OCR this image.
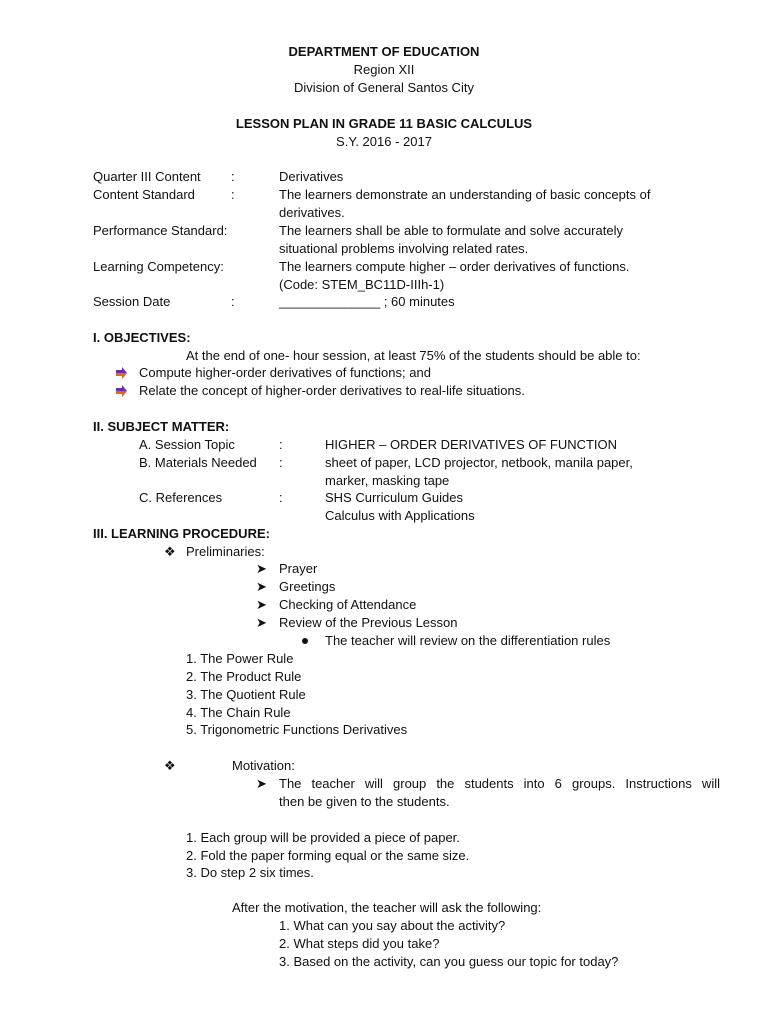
DEPARTMENT OF EDUCATION
Region XII
Division of General Santos City
LESSON PLAN IN GRADE 11 BASIC CALCULUS
S.Y. 2016 - 2017
Quarter III Content :	Derivatives
Content Standard	:	The learners demonstrate an understanding of basic concepts of
derivatives.
Performance Standard:	The learners shall be able to formulate and solve accurately
situational problems involving related rates.
Learning Competency:	The learners compute higher – order derivatives of functions.
(Code: STEM_BC11D-IIIh-1)
Session Date	:	______________ ; 60 minutes
I. OBJECTIVES:
At the end of one- hour session, at least 75% of the students should be able to:
Compute higher-order derivatives of functions; and
Relate the concept of higher-order derivatives to real-life situations.
II. SUBJECT MATTER:
A. Session Topic	:	HIGHER – ORDER DERIVATIVES OF FUNCTION
B. Materials Needed :	sheet of paper, LCD projector, netbook, manila paper,
marker, masking tape
C. References	:	SHS Curriculum Guides
Calculus with Applications
III. LEARNING PROCEDURE:
❖ Preliminaries:
➤ Prayer
➤ Greetings
➤ Checking of Attendance
➤ Review of the Previous Lesson
The teacher will review on the differentiation rules
1. The Power Rule
2. The Product Rule
3. The Quotient Rule
4. The Chain Rule
5. Trigonometric Functions Derivatives
❖	Motivation:
➤ The teacher will group the students into 6 groups. Instructions will
then be given to the students.
1. Each group will be provided a piece of paper.
2. Fold the paper forming equal or the same size.
3. Do step 2 six times.
After the motivation, the teacher will ask the following:
1. What can you say about the activity?
2. What steps did you take?
3. Based on the activity, can you guess our topic for today?
